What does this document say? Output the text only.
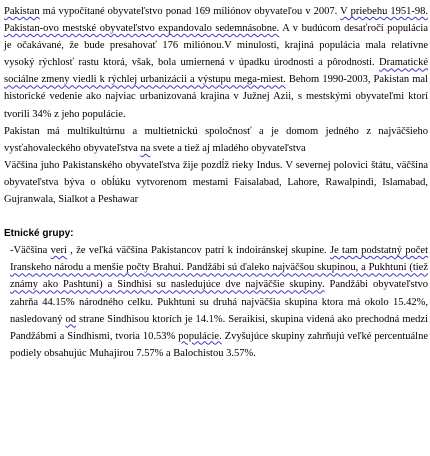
Pakistan má vypočítané obyvateľstvo ponad 169 miliónov obyvateľou v 2007. V priebehu 1951-98. Pakistan-ovo mestské obyvateľstvo expandovalo sedemnásobne. A v budúcom desaťročí populácia je očakávané, že bude presahovať 176 miliónou.V minulosti, krajiná populácia mala relatívne vysoký rýchlosť rastu ktorá, však, bola umiernená v úpadku úrodnosti a pôrodnosti. Dramatické sociálne zmeny viedli k rýchlej urbanizácii a výstupu mega-miest. Behom 1990-2003, Pakistan mal historické vedenie ako najviac urbanizovaná krajina v Južnej Azii, s mestskými obyvateľmi ktorí tvorili 34% z jeho populácie.

Pakistan má multikultúrnu a multietnickú spoločnosť a je domom jedného z najväčšieho vysťahovaleckého obyvateľstva na svete a tiež aj mladého obyvateľstva

Väčšina juho Pakistanského obyvateľstva žije pozdĺž rieky Indus. V severnej polovici štátu, väčšina obyvateľstva býva o obĺúku vytvorenom mestami Faisalabad, Lahore, Rawalpindi, Islamabad, Gujranwala, Sialkot a Peshawar

Etnické grupy:

-Väčšina veri , že veľká väčšina Pakistancov patrí k indoiránskej skupine. Je tam podstatný počet Iranskeho národu a menšie počty Brahui. Pandžábi sú ďaleko najväčšou skupinou, a Pukhtuni (tiež známy ako Pashtuni) a Sindhisi su nasledujúce dve najväčšie skupiny. Pandžábi obyvateľstvo zahrňa 44.15% národného celku. Pukhtuni su druhá najväčšia skupina ktora má okolo 15.42%, nasledovaný od strane Sindhisou ktorích je 14.1%. Seraikisi, skupina videná ako prechodná medzi Pandžábmi a Sindhismi, tvoria 10.53% populácie. Zvyšujúce skupiny zahrňujú veľké percentuálne podiely obsahujúc Muhajirou 7.57% a Balochistou 3.57%.
